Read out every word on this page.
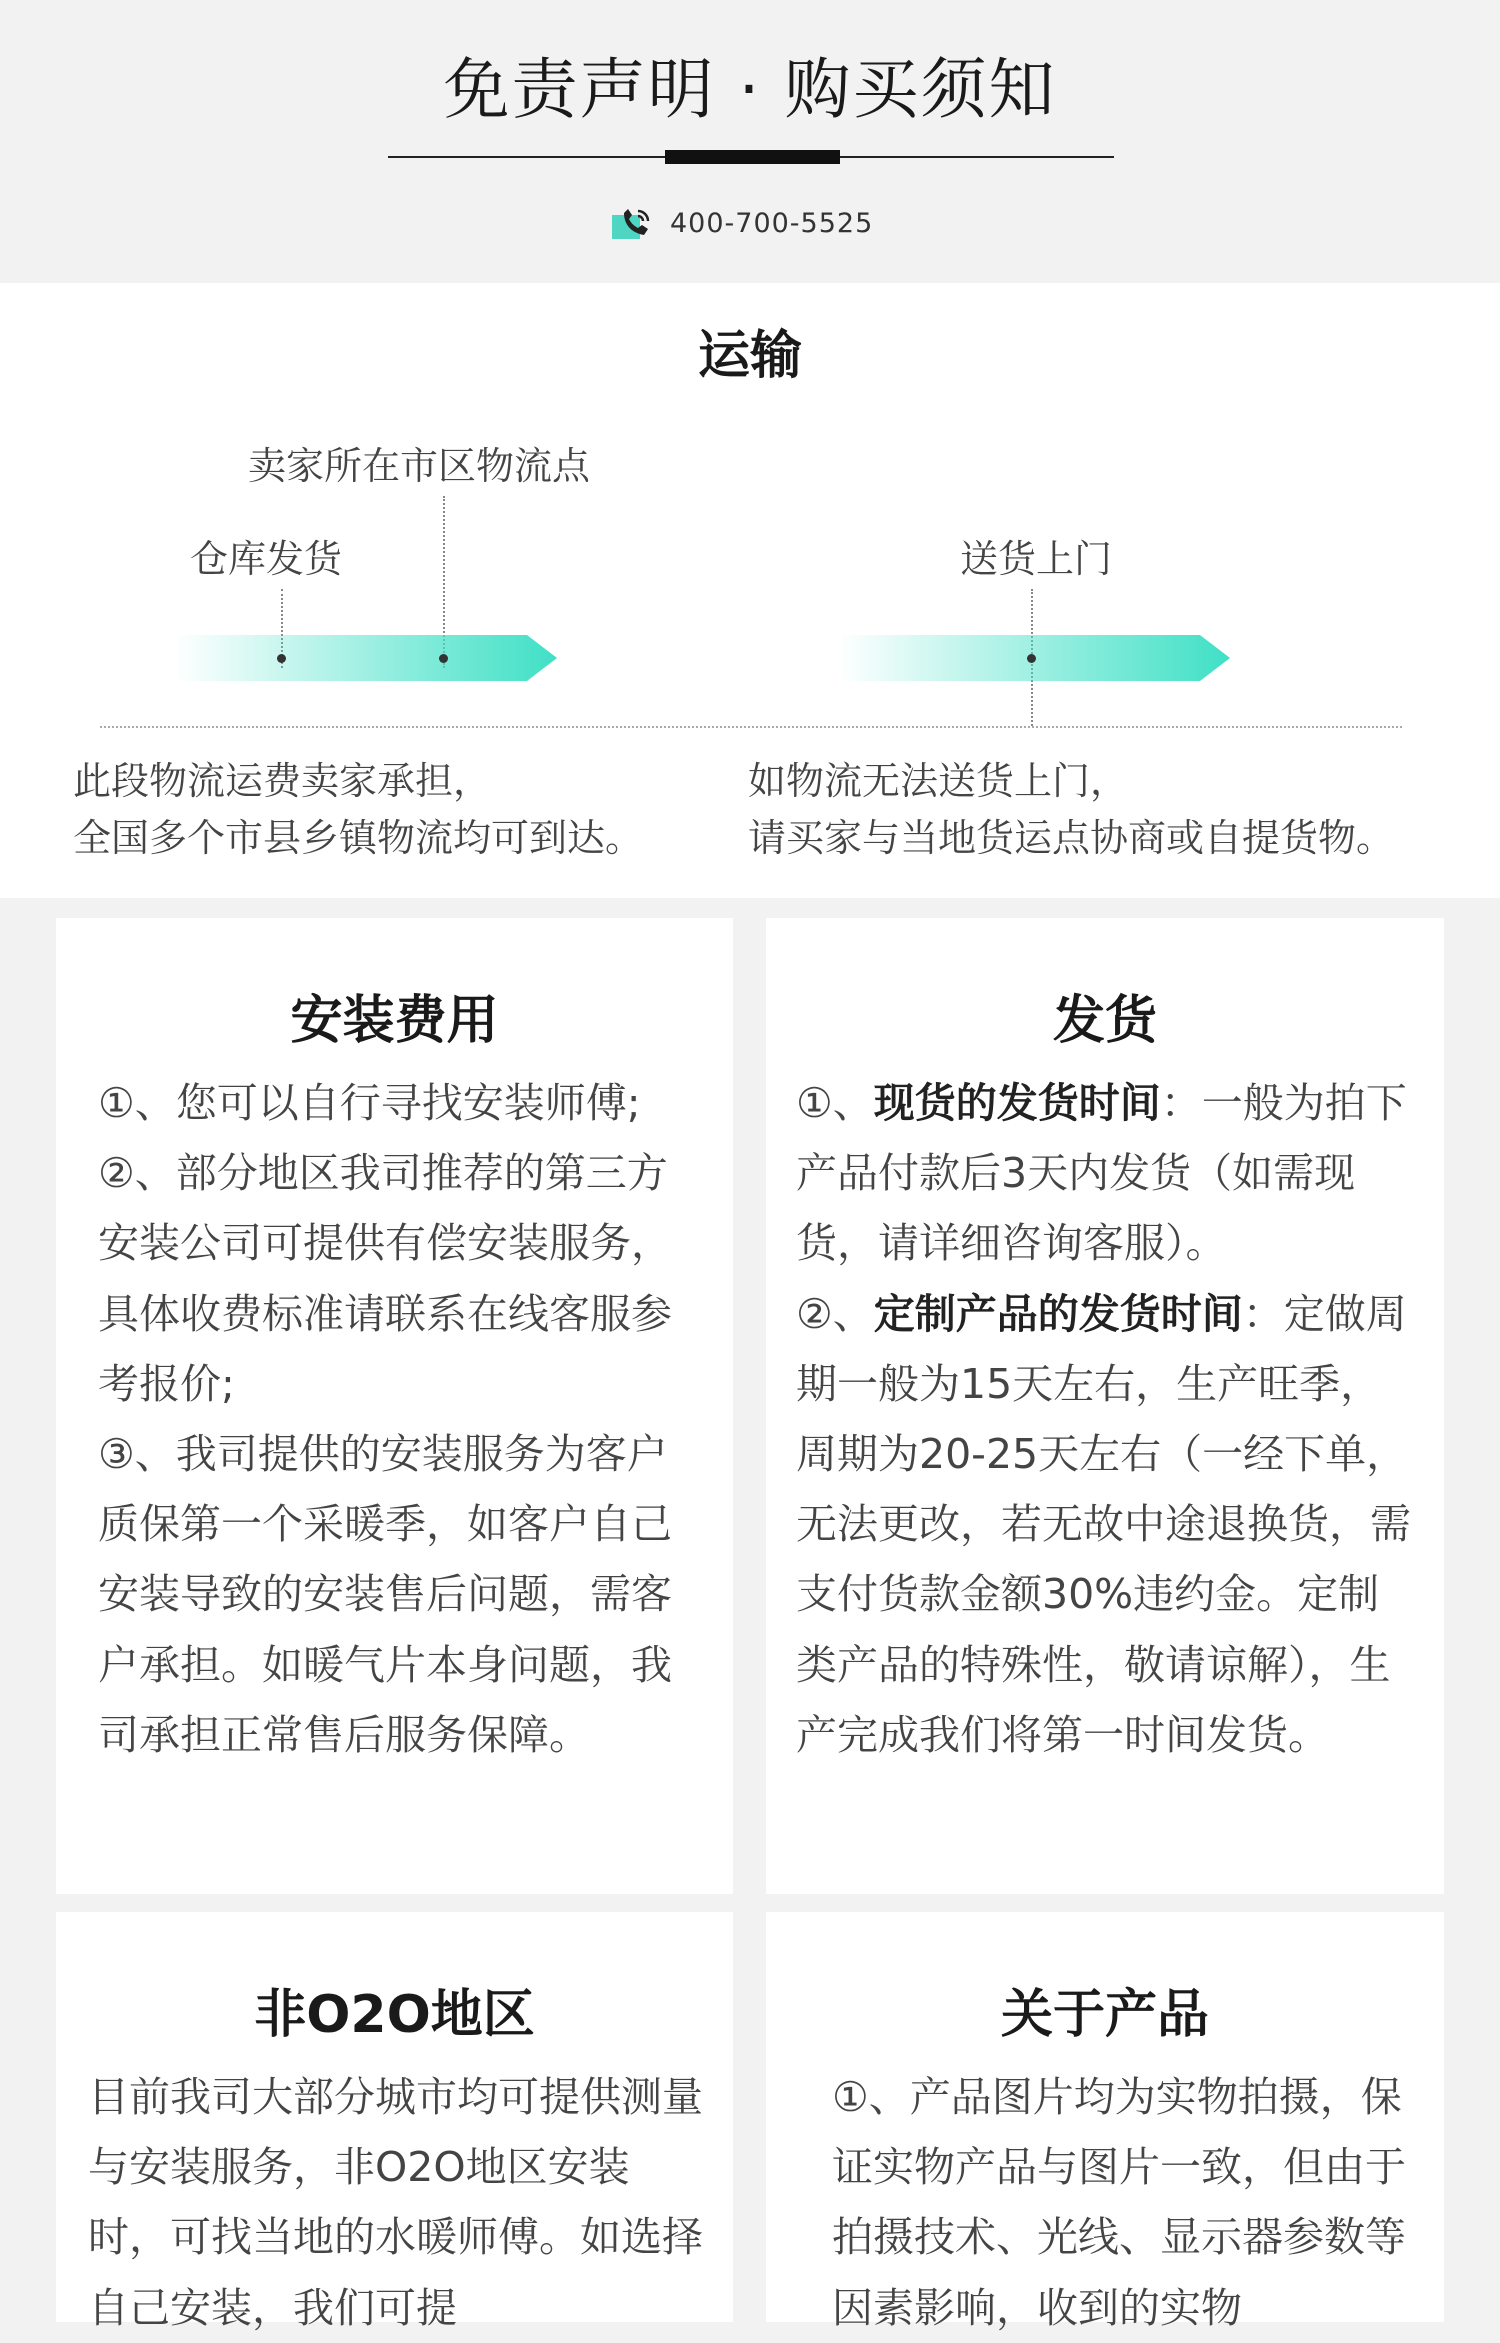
免责声明 · 购买须知
400-700-5525
运输
卖家所在市区物流点
仓库发货	送货上门
此段物流运费卖家承担，
全国多个市县乡镇物流均可到达。
如物流无法送货上门，
请买家与当地货运点协商或自提货物。
安装费用

①、您可以自行寻找安装师傅;

②、部分地区我司推荐的第三方安装公司可提供有偿安装服务，具体收费标准请联系在线客服参考报价;

③、我司提供的安装服务为客户质保第一个采暖季，如客户自己安装导致的安装售后问题，需客户承担。如暖气片本身问题，我司承担正常售后服务保障。

发货

①、现货的发货时间：一般为拍下产品付款后3天内发货（如需现货，请详细咨询客服）。

②、定制产品的发货时间：定做周期一般为15天左右，生产旺季，周期为20-25天左右（一经下单，无法更改，若无故中途退换货，需支付货款金额30%违约金。定制类产品的特殊性，敬请谅解），生产完成我们将第一时间发货。

非O2O地区

目前我司大部分城市均可提供测量与安装服务，非O2O地区安装时，可找当地的水暖师傅。如选择自己安装，我们可提

关于产品

①、产品图片均为实物拍摄，保证实物产品与图片一致，但由于拍摄技术、光线、显示器参数等因素影响，收到的实物
